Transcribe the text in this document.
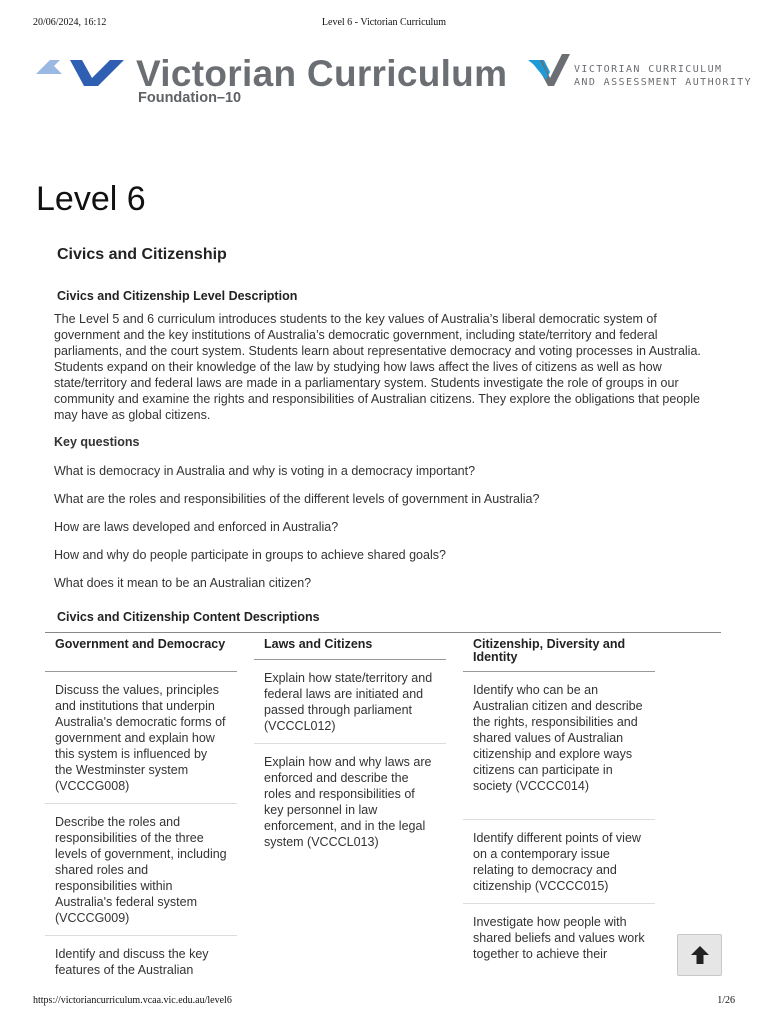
20/06/2024, 16:12	Level 6 - Victorian Curriculum
Victorian Curriculum
Foundation–10
VICTORIAN CURRICULUM
AND ASSESSMENT AUTHORITY
Level 6
Civics and Citizenship
Civics and Citizenship Level Description

The Level 5 and 6 curriculum introduces students to the key values of Australia’s liberal democratic system of government and the key institutions of Australia’s democratic government, including state/territory and federal parliaments, and the court system. Students learn about representative democracy and voting processes in Australia. Students expand on their knowledge of the law by studying how laws affect the lives of citizens as well as how state/territory and federal laws are made in a parliamentary system. Students investigate the role of groups in our community and examine the rights and responsibilities of Australian citizens. They explore the obligations that people may have as global citizens.

Key questions

What is democracy in Australia and why is voting in a democracy important?
What are the roles and responsibilities of the different levels of government in Australia?
How are laws developed and enforced in Australia?
How and why do people participate in groups to achieve shared goals?
What does it mean to be an Australian citizen?
Civics and Citizenship Content Descriptions
Government and Democracy
Discuss the values, principles and institutions that underpin Australia's democratic forms of government and explain how this system is influenced by the Westminster system (VCCCG008)
Describe the roles and responsibilities of the three levels of government, including shared roles and responsibilities within Australia's federal system (VCCCG009)
Identify and discuss the key features of the Australian
Laws and Citizens
Explain how state/territory and federal laws are initiated and passed through parliament (VCCCL012)
Explain how and why laws are enforced and describe the roles and responsibilities of key personnel in law enforcement, and in the legal system (VCCCL013)
Citizenship, Diversity and Identity
Identify who can be an Australian citizen and describe the rights, responsibilities and shared values of Australian citizenship and explore ways citizens can participate in society (VCCCC014)
Identify different points of view on a contemporary issue relating to democracy and citizenship (VCCCC015)
Investigate how people with shared beliefs and values work together to achieve their
https://victoriancurriculum.vcaa.vic.edu.au/level6	1/26
